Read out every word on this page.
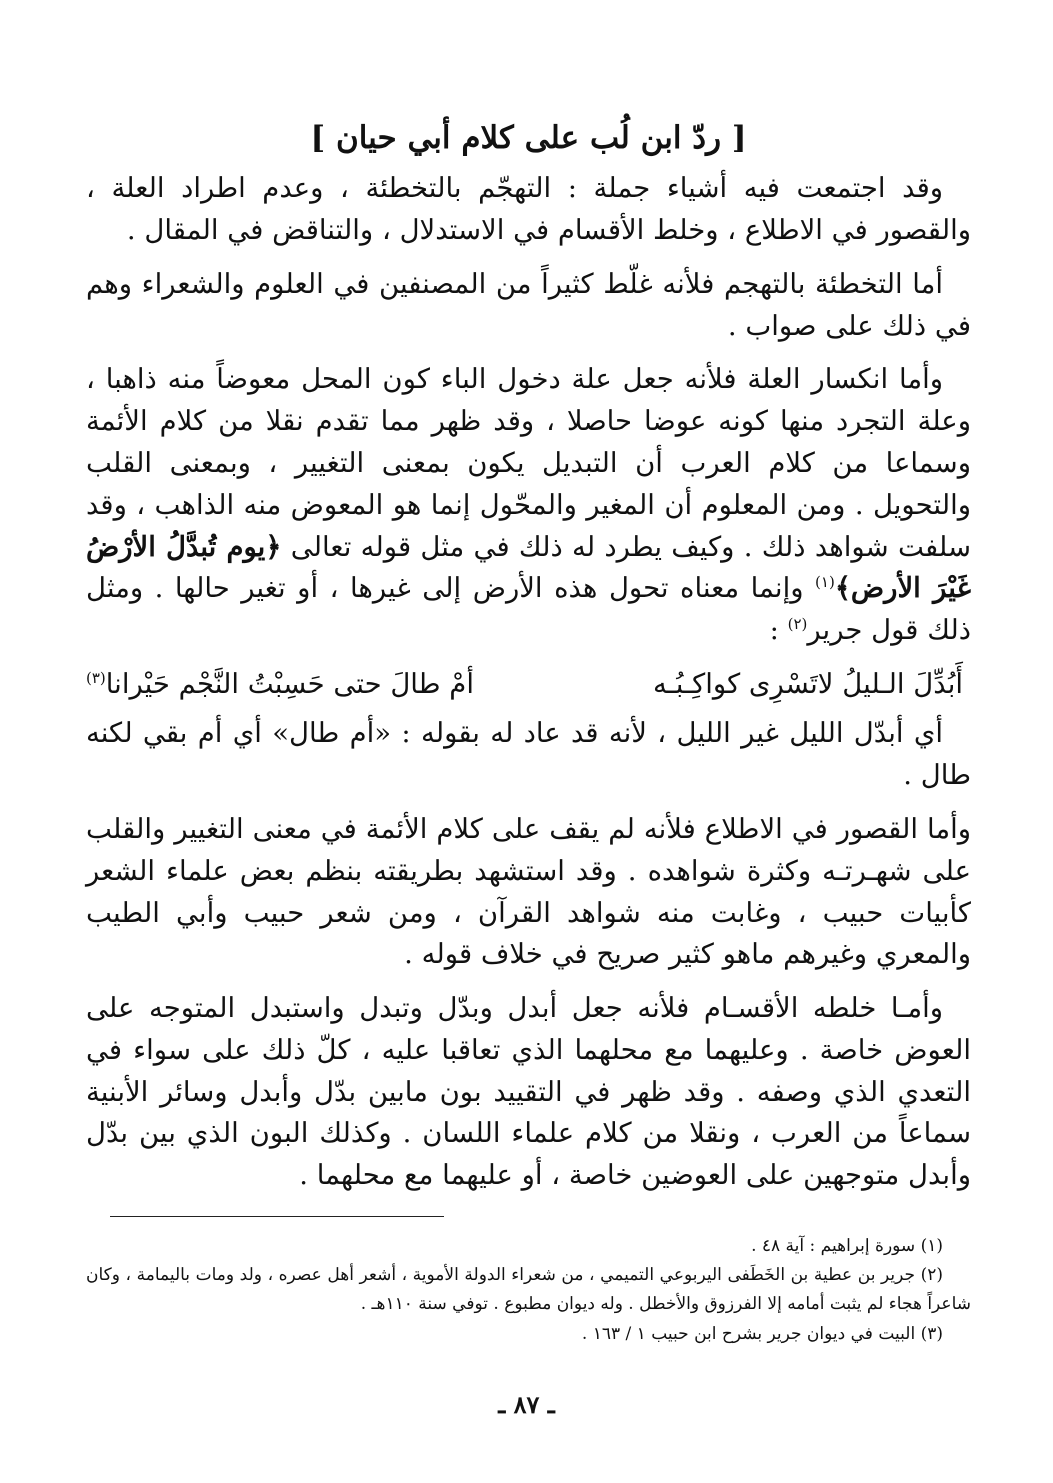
[ ردّ ابن لُب على كلام أبي حيان ]

وقد اجتمعت فيه أشياء جملة : التهجّم بالتخطئة ، وعدم اطراد العلة ، والقصور في الاطلاع ، وخلط الأقسام في الاستدلال ، والتناقض في المقال .

أما التخطئة بالتهجم فلأنه غلّط كثيراً من المصنفين في العلوم والشعراء وهم في ذلك على صواب .

وأما انكسار العلة فلأنه جعل علة دخول الباء كون المحل معوضاً منه ذاهبا ، وعلة التجرد منها كونه عوضا حاصلا ، وقد ظهر مما تقدم نقلا من كلام الأئمة وسماعا من كلام العرب أن التبديل يكون بمعنى التغيير ، وبمعنى القلب والتحويل . ومن المعلوم أن المغير والمحّول إنما هو المعوض منه الذاهب ، وقد سلفت شواهد ذلك . وكيف يطرد له ذلك في مثل قوله تعالى ﴿يوم تُبدَّلُ الأرْضُ غَيْرَ الأرض﴾$^{(١)}$ وإنما معناه تحول هذه الأرض إلى غيرها ، أو تغير حالها . ومثل ذلك قول جرير$^{(٢)}$ :

أَبُدِّلَ الـليلُ لاتَسْرِى كواكِـبُـه
أمْ طالَ حتى حَسِبْتُ النَّجْم حَيْرانا$^{(٣)}$

أي أبدّل الليل غير الليل ، لأنه قد عاد له بقوله : «أم طال» أي أم بقي لكنه طال .

وأما القصور في الاطلاع فلأنه لم يقف على كلام الأئمة في معنى التغيير والقلب على شهـرتـه وكثرة شواهده . وقد استشهد بطريقته بنظم بعض علماء الشعر كأبيات حبيب ، وغابت منه شواهد القرآن ، ومن شعر حبيب وأبي الطيب والمعري وغيرهم ماهو كثير صريح في خلاف قوله .

وأمـا خلطه الأقسـام فلأنه جعل أبدل وبدّل وتبدل واستبدل المتوجه على العوض خاصة . وعليهما مع محلهما الذي تعاقبا عليه ، كلّ ذلك على سواء في التعدي الذي وصفه . وقد ظهر في التقييد بون مابين بدّل وأبدل وسائر الأبنية سماعاً من العرب ، ونقلا من كلام علماء اللسان . وكذلك البون الذي بين بدّل وأبدل متوجهين على العوضين خاصة ، أو عليهما مع محلهما .

(١) سورة إبراهيم : آية ٤٨ .

(٢) جرير بن عطية بن الخَطَفى اليربوعي التميمي ، من شعراء الدولة الأموية ، أشعر أهل عصره ، ولد ومات باليمامة ، وكان شاعراً هجاء لم يثبت أمامه إلا الفرزوق والأخطل . وله ديوان مطبوع . توفي سنة ١١٠هـ .

(٣) البيت في ديوان جرير بشرح ابن حبيب ١ / ١٦٣ .

ـ ٨٧ ـ
